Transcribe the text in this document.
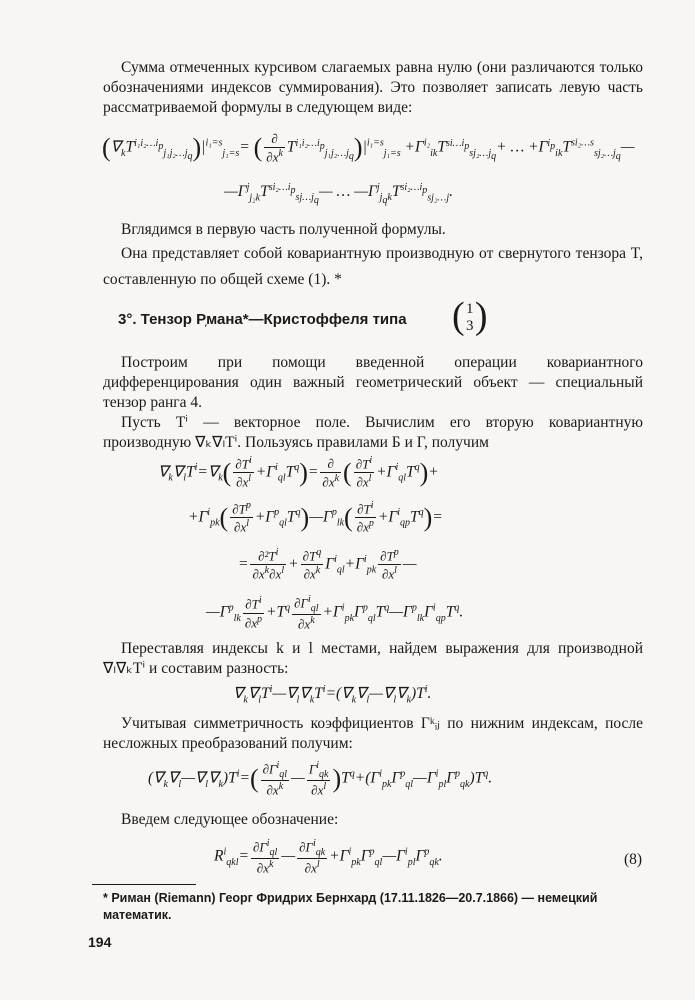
Сумма отмеченных курсивом слагаемых равна нулю (они различаются только обозначениями индексов суммирования). Это позволяет записать левую часть рассматриваемой формулы в следующем виде:
$(\nabla_kT^{i_1i_2\dots i_p}_{j_1j_2\dots j_q})|^{i_1=s}_{j_1=s}=$ ( $\frac{\partial}{\partial x^k} T^{i_1i_2\dots i_p}_{j_1j_2\dots j_q})|^{i_1=s}_{j_1=s} +\Gamma^{i_2}_{ik}T^{si\dots i_p}_{sj_2\dots j_q}+$ … $+\Gamma^{i_p}_{ik}T^{si_2\dots s}_{sj_2\dots j_q}—$
$—\Gamma^j_{j_2k}T^{si_2\dots i_p}_{sj\dots j_q}—$ … $—\Gamma^j_{j_qk}T^{si_2\dots i_p}_{sj_2\dots j}$.
Вглядимся в первую часть полученной формулы.
Она представляет собой ковариантную производную от свернутого тензора T, составленную по общей схеме (1). *
3°. Тензор Р᷊мана*—Кристоффеля типа ( 1
3 )
Построим при помощи введенной операции ковариантного дифференцирования один важный геометрический объект — специальный тензор ранга 4.
Пусть Tⁱ — векторное поле. Вычислим его вторую ковариантную производную ∇ₖ∇ₗTⁱ. Пользуясь правилами Б и Г, получим
$\nabla_k\nabla_lT^i=\nabla_k( \frac{\partial T^i}{\partial x^l} +\Gamma^i_{ql}T^q)= \frac{\partial}{\partial x^k}$ ( $\frac{\partial T^i}{\partial x^l} +\Gamma^i_{ql}T^q)+$
$+\Gamma^i_{pk}( \frac{\partial T^p}{\partial x^l}$ $+\Gamma^p_{ql}T^q)—\Gamma^p_{lk}( \frac{\partial T^i}{\partial x^p} +\Gamma^i_{qp}T^q)=$
= $\frac{\partial^2T^i}{\partial x^k\partial x^l} + \frac{\partial T^q}{\partial x^k} \Gamma^i_{ql}+\Gamma^i_{pk} \frac{\partial T^p}{\partial x^l}$ —
$—\Gamma^p_{lk} \frac{\partial T^i}{\partial x^p} +T^q \frac{\partial\Gamma^i_{ql}}{\partial x^k}$ $+\Gamma^i_{pk}\Gamma^p_{ql}T^q—\Gamma^p_{lk}\Gamma^i_{qp}T^q$.
Переставляя индексы k и l местами, найдем выражения для производной ∇ₗ∇ₖTⁱ и составим разность:
$\nabla_k\nabla_lT^i—\nabla_l\nabla_kT^i=(\nabla_k\nabla_l—\nabla_l\nabla_k)T^i$.
Учитывая симметричность коэффициентов Γᵏᵢⱼ по нижним индексам, после несложных преобразований получим:
$(\nabla_k\nabla_l—\nabla_l\nabla_k)T^i=( \frac{\partial\Gamma^i_{ql}}{\partial x^k}$ — $\frac{\Gamma^i_{qk}}{\partial x^l}$ )$T^q+(\Gamma^i_{pk}\Gamma^p_{ql}—\Gamma^i_{pl}\Gamma^p_{qk})T^q$.
Введем следующее обозначение:
$R^i_{qkl}= \frac{\partial\Gamma^i_{ql}}{\partial x^k}$ — $\frac{\partial\Gamma^i_{qk}}{\partial x^l}$ $+\Gamma^i_{pk}\Gamma^p_{ql}—\Gamma^i_{pl}\Gamma^p_{qk}$.	(8)
* Риман (Riemann) Георг Фридрих Бернхард (17.11.1826—20.7.1866) — немецкий математик.
194
